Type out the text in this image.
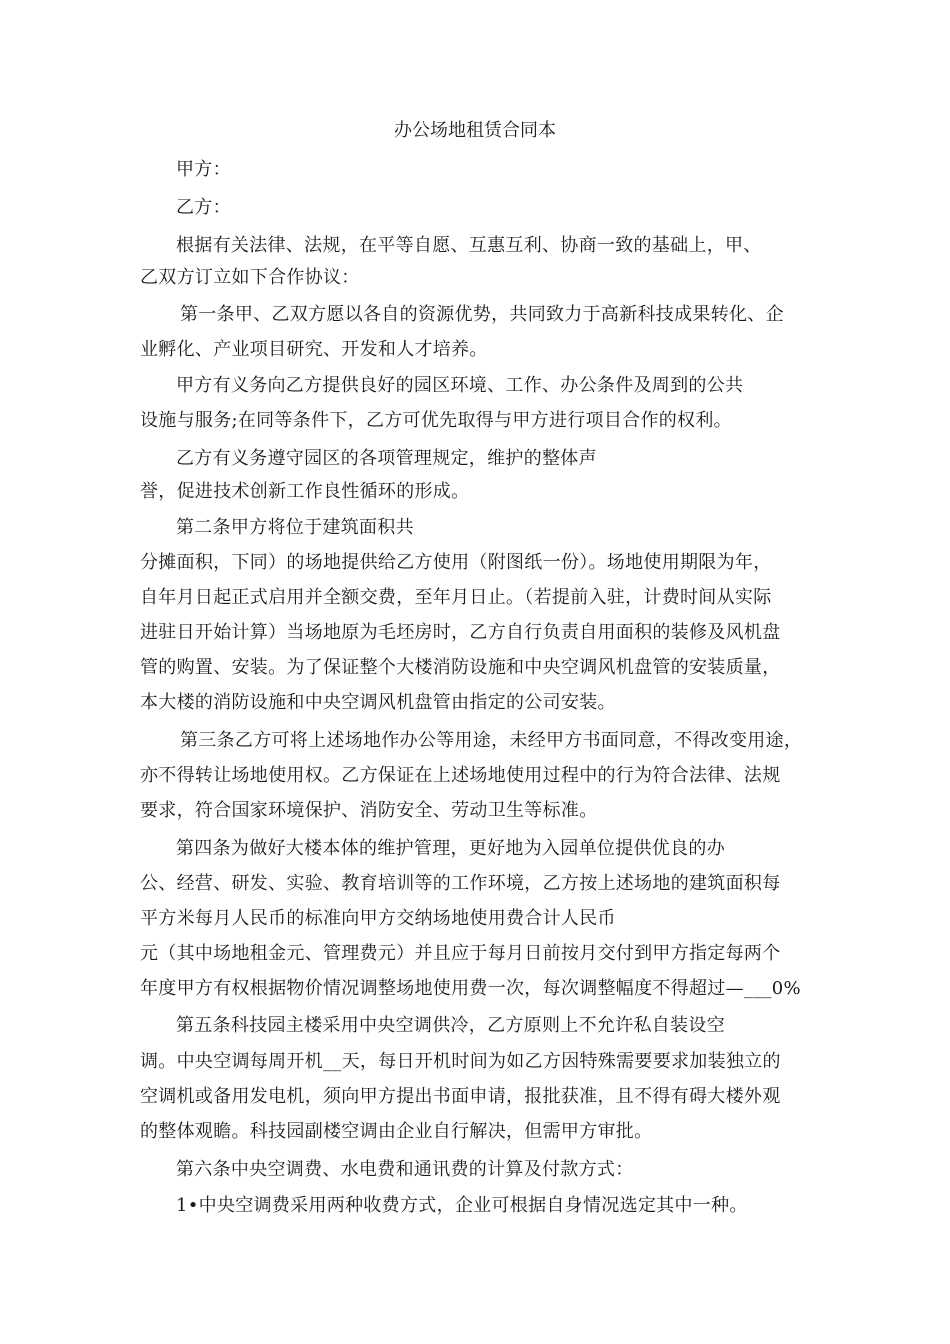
办公场地租赁合同本
甲方：
乙方：
根据有关法律、法规，在平等自愿、互惠互利、协商一致的基础上，甲、
乙双方订立如下合作协议：
第一条甲、乙双方愿以各自的资源优势，共同致力于高新科技成果转化、企
业孵化、产业项目研究、开发和人才培养。
甲方有义务向乙方提供良好的园区环境、工作、办公条件及周到的公共
设施与服务;在同等条件下，乙方可优先取得与甲方进行项目合作的权利。
乙方有义务遵守园区的各项管理规定，维护的整体声
誉，促进技术创新工作良性循环的形成。
第二条甲方将位于建筑面积共
分摊面积，下同）的场地提供给乙方使用（附图纸一份）。场地使用期限为年，
自年月日起正式启用并全额交费，至年月日止。（若提前入驻，计费时间从实际
进驻日开始计算）当场地原为毛坯房时，乙方自行负责自用面积的装修及风机盘
管的购置、安装。为了保证整个大楼消防设施和中央空调风机盘管的安装质量，
本大楼的消防设施和中央空调风机盘管由指定的公司安装。
第三条乙方可将上述场地作办公等用途，未经甲方书面同意，不得改变用途，
亦不得转让场地使用权。乙方保证在上述场地使用过程中的行为符合法律、法规
要求，符合国家环境保护、消防安全、劳动卫生等标准。
第四条为做好大楼本体的维护管理，更好地为入园单位提供优良的办
公、经营、研发、实验、教育培训等的工作环境，乙方按上述场地的建筑面积每
平方米每月人民币的标准向甲方交纳场地使用费合计人民币
元（其中场地租金元、管理费元）并且应于每月日前按月交付到甲方指定每两个
年度甲方有权根据物价情况调整场地使用费一次，每次调整幅度不得超过—___0%
第五条科技园主楼采用中央空调供冷，乙方原则上不允许私自装设空
调。中央空调每周开机__天，每日开机时间为如乙方因特殊需要要求加装独立的
空调机或备用发电机，须向甲方提出书面申请，报批获准，且不得有碍大楼外观
的整体观瞻。科技园副楼空调由企业自行解决，但需甲方审批。
第六条中央空调费、水电费和通讯费的计算及付款方式：
1•中央空调费采用两种收费方式，企业可根据自身情况选定其中一种。
